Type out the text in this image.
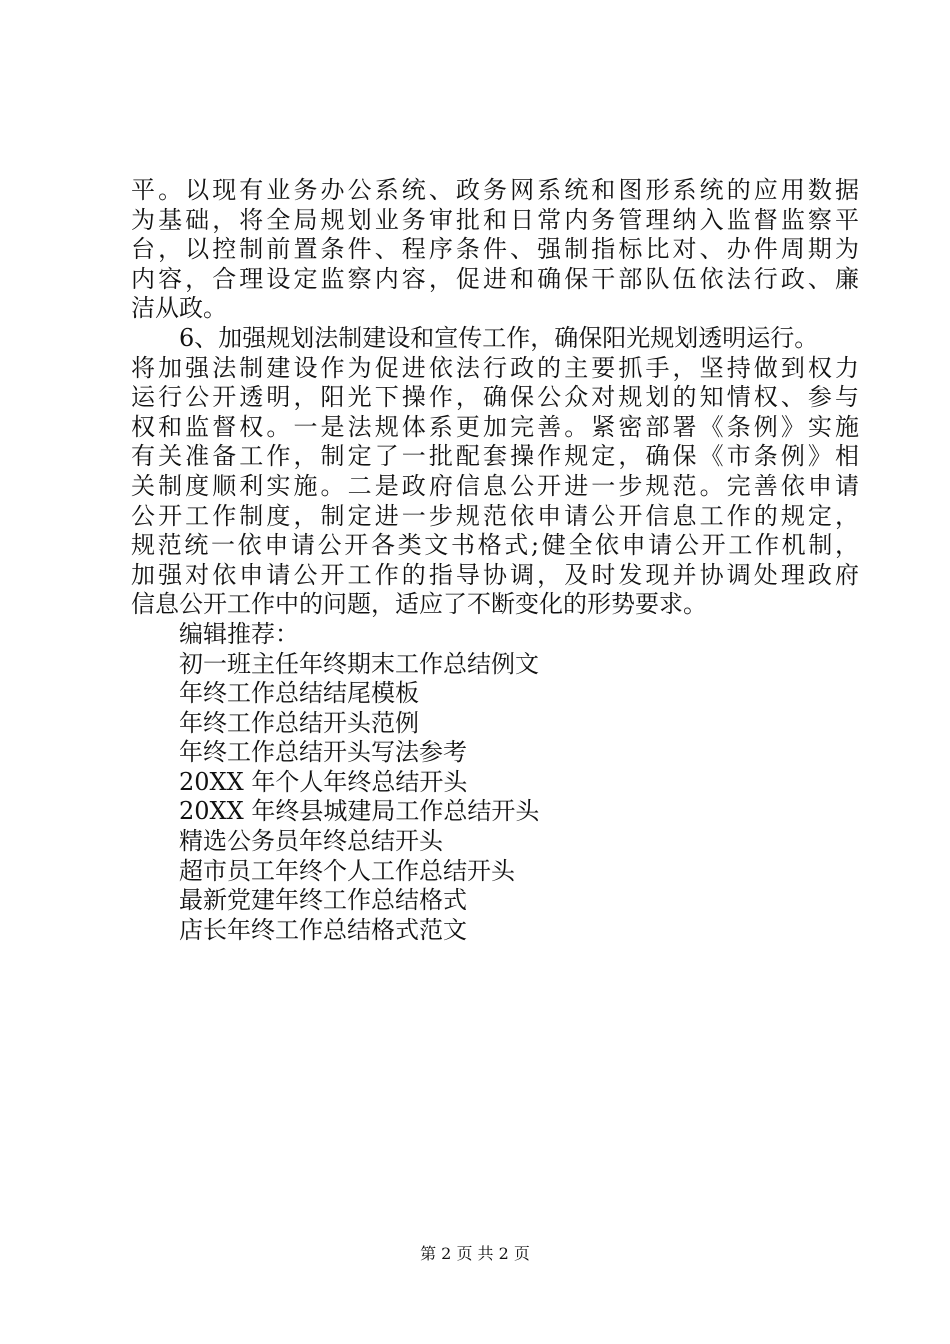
平。以现有业务办公系统、政务网系统和图形系统的应用数据
为基础，将全局规划业务审批和日常内务管理纳入监督监察平
台，以控制前置条件、程序条件、强制指标比对、办件周期为
内容，合理设定监察内容，促进和确保干部队伍依法行政、廉
洁从政。
6、加强规划法制建设和宣传工作，确保阳光规划透明运行。
将加强法制建设作为促进依法行政的主要抓手，坚持做到权力
运行公开透明，阳光下操作，确保公众对规划的知情权、参与
权和监督权。一是法规体系更加完善。紧密部署《条例》实施
有关准备工作，制定了一批配套操作规定，确保《市条例》相
关制度顺利实施。二是政府信息公开进一步规范。完善依申请
公开工作制度，制定进一步规范依申请公开信息工作的规定，
规范统一依申请公开各类文书格式;健全依申请公开工作机制，
加强对依申请公开工作的指导协调，及时发现并协调处理政府
信息公开工作中的问题，适应了不断变化的形势要求。
编辑推荐：
初一班主任年终期末工作总结例文
年终工作总结结尾模板
年终工作总结开头范例
年终工作总结开头写法参考
20XX 年个人年终总结开头
20XX 年终县城建局工作总结开头
精选公务员年终总结开头
超市员工年终个人工作总结开头
最新党建年终工作总结格式
店长年终工作总结格式范文
第 2 页 共 2 页
